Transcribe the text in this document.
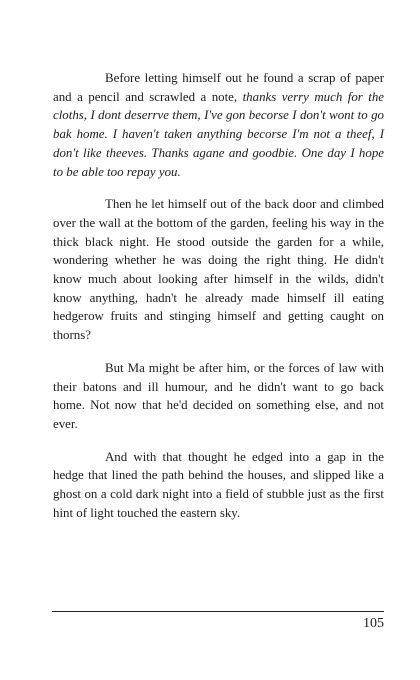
Before letting himself out he found a scrap of paper and a pencil and scrawled a note, thanks verry much for the cloths, I dont deserrve them, I've gon becorse I don't wont to go bak home. I haven't taken anything becorse I'm not a theef, I don't like theeves. Thanks agane and goodbie. One day I hope to be able too repay you.

Then he let himself out of the back door and climbed over the wall at the bottom of the garden, feeling his way in the thick black night. He stood outside the garden for a while, wondering whether he was doing the right thing. He didn't know much about looking after himself in the wilds, didn't know anything, hadn't he already made himself ill eating hedgerow fruits and stinging himself and getting caught on thorns?

But Ma might be after him, or the forces of law with their batons and ill humour, and he didn't want to go back home. Not now that he'd decided on something else, and not ever.

And with that thought he edged into a gap in the hedge that lined the path behind the houses, and slipped like a ghost on a cold dark night into a field of stubble just as the first hint of light touched the eastern sky.

105
